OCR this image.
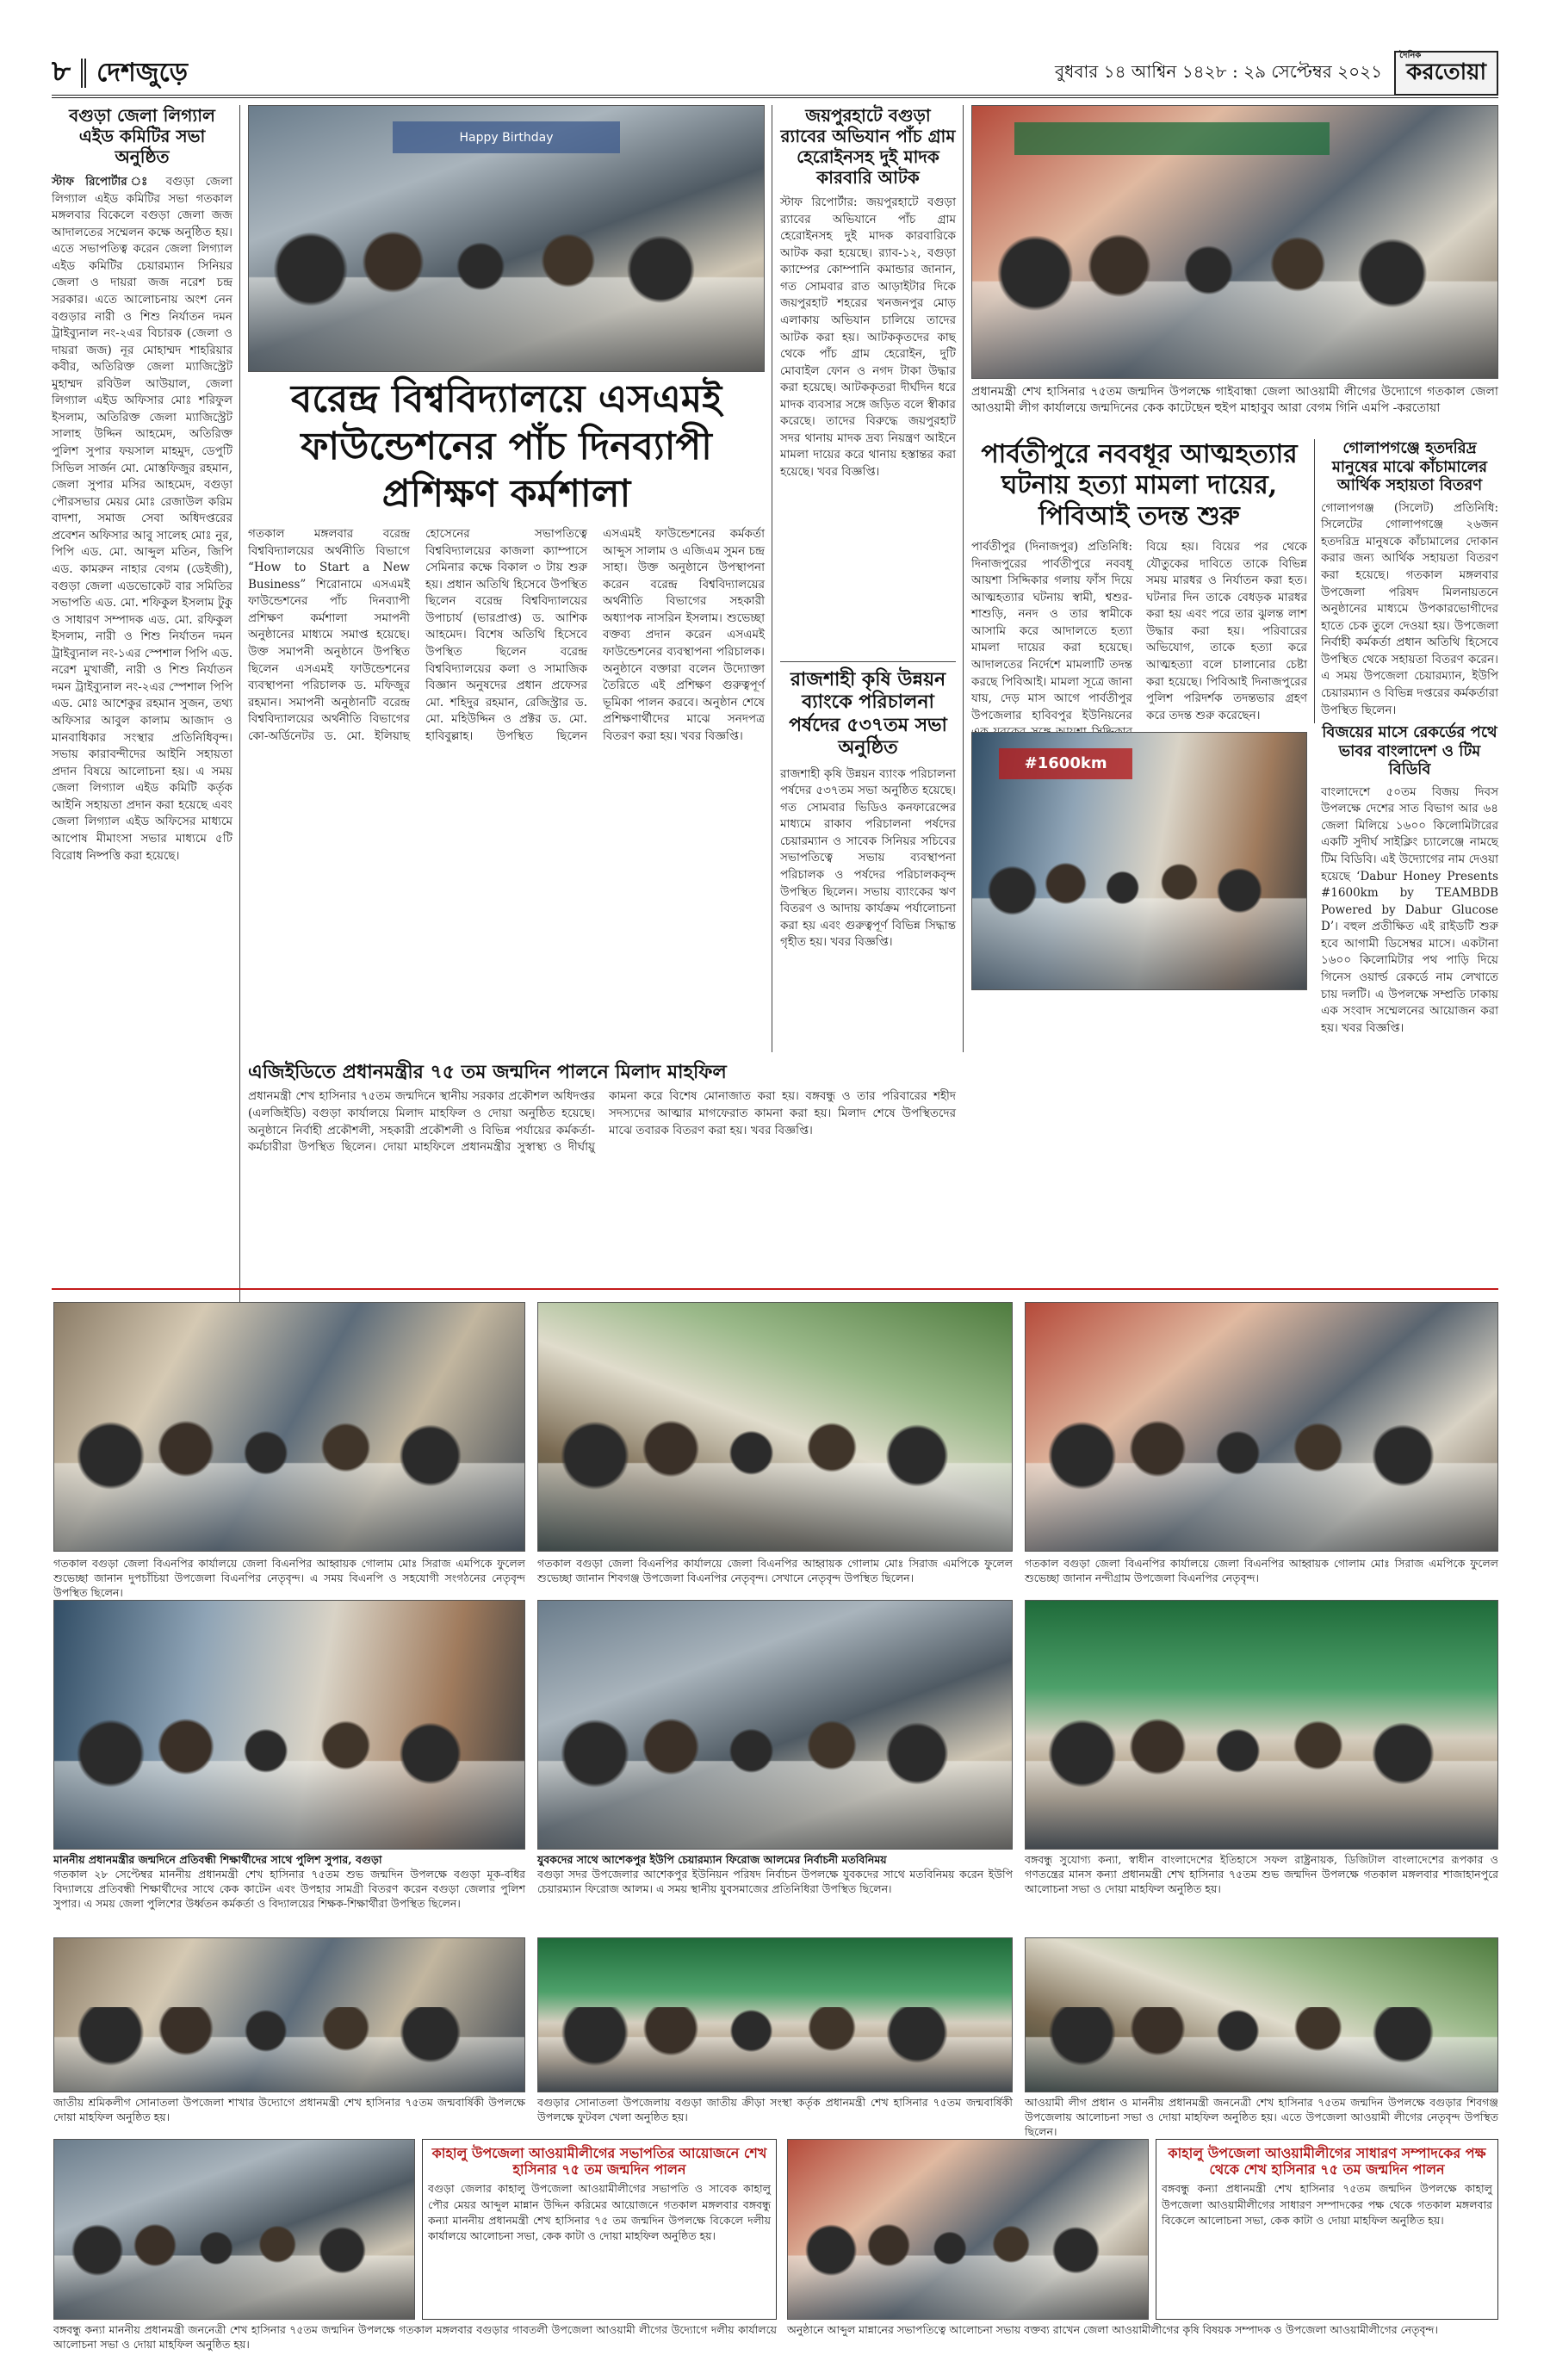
৮ দেশজুড়ে	বুধবার ১৪ আশ্বিন ১৪২৮ : ২৯ সেপ্টেম্বর ২০২১
দৈনিক
করতোয়া
বগুড়া জেলা লিগ্যাল এইড কমিটির সভা অনুষ্ঠিত
স্টাফ রিপোর্টার ঃ বগুড়া জেলা লিগ্যাল এইড কমিটির সভা গতকাল মঙ্গলবার বিকেলে বগুড়া জেলা জজ আদালতের সম্মেলন কক্ষে অনুষ্ঠিত হয়। এতে সভাপতিত্ব করেন জেলা লিগ্যাল এইড কমিটির চেয়ারম্যান সিনিয়র জেলা ও দায়রা জজ নরেশ চন্দ্র সরকার। এতে আলোচনায় অংশ নেন বগুড়ার নারী ও শিশু নির্যাতন দমন ট্রাইব্যুনাল নং-২এর বিচারক (জেলা ও দায়রা জজ) নূর মোহাম্মদ শাহরিয়ার কবীর, অতিরিক্ত জেলা ম্যাজিস্ট্রেট মুহাম্মদ রবিউল আউয়াল, জেলা লিগ্যাল এইড অফিসার মোঃ শরিফুল ইসলাম, অতিরিক্ত জেলা ম্যাজিস্ট্রেট সালাহ উদ্দিন আহমেদ, অতিরিক্ত পুলিশ সুপার ফয়সাল মাহমুদ, ডেপুটি সিভিল সার্জন মো. মোস্তফিজুর রহমান, জেলা সুপার মসির আহমেদ, বগুড়া পৌরসভার মেয়র মোঃ রেজাউল করিম বাদশা, সমাজ সেবা অধিদপ্তরের প্রবেশন অফিসার আবু সালেহ মোঃ নুর, পিপি এড. মো. আব্দুল মতিন, জিপি এড. কামরুন নাহার বেগম (ডেইজী), বগুড়া জেলা এডভোকেট বার সমিতির সভাপতি এড. মো. শফিকুল ইসলাম টুকু ও সাধারণ সম্পাদক এড. মো. রফিকুল ইসলাম, নারী ও শিশু নির্যাতন দমন ট্রাইব্যুনাল নং-১এর স্পেশাল পিপি এড. নরেশ মুখার্জী, নারী ও শিশু নির্যাতন দমন ট্রাইব্যুনাল নং-২এর স্পেশাল পিপি এড. মোঃ আশেকুর রহমান সুজন, তথ্য অফিসার আবুল কালাম আজাদ ও মানবাধিকার সংস্থার প্রতিনিধিবৃন্দ। সভায় কারাবন্দীদের আইনি সহায়তা প্রদান বিষয়ে আলোচনা হয়। এ সময় জেলা লিগ্যাল এইড কমিটি কর্তৃক আইনি সহায়তা প্রদান করা হয়েছে এবং জেলা লিগ্যাল এইড অফিসের মাধ্যমে আপোষ মীমাংসা সভার মাধ্যমে ৫টি বিরোধ নিষ্পত্তি করা হয়েছে।
Happy Birthday
বরেন্দ্র বিশ্ববিদ্যালয়ে এসএমই ফাউন্ডেশনের পাঁচ দিনব্যাপী প্রশিক্ষণ কর্মশালা
গতকাল মঙ্গলবার বরেন্দ্র বিশ্ববিদ্যালয়ের অর্থনীতি বিভাগে “How to Start a New Business” শিরোনামে এসএমই ফাউন্ডেশনের পাঁচ দিনব্যাপী প্রশিক্ষণ কর্মশালা সমাপনী অনুষ্ঠানের মাধ্যমে সমাপ্ত হয়েছে। উক্ত সমাপনী অনুষ্ঠানে উপস্থিত ছিলেন এসএমই ফাউন্ডেশনের ব্যবস্থাপনা পরিচালক ড. মফিজুর রহমান। সমাপনী অনুষ্ঠানটি বরেন্দ্র বিশ্ববিদ্যালয়ের অর্থনীতি বিভাগের কো-অর্ডিনেটর ড. মো. ইলিয়াছ হোসেনের সভাপতিত্বে বিশ্ববিদ্যালয়ের কাজলা ক্যাম্পাসে সেমিনার কক্ষে বিকাল ৩ টায় শুরু হয়। প্রধান অতিথি হিসেবে উপস্থিত ছিলেন বরেন্দ্র বিশ্ববিদ্যালয়ের উপাচার্য (ভারপ্রাপ্ত) ড. আশিক আহমেদ। বিশেষ অতিথি হিসেবে উপস্থিত ছিলেন বরেন্দ্র বিশ্ববিদ্যালয়ের কলা ও সামাজিক বিজ্ঞান অনুষদের প্রধান প্রফেসর মো. শহিদুর রহমান, রেজিস্ট্রার ড. মো. মহিউদ্দিন ও প্রক্টর ড. মো. হাবিবুল্লাহ। উপস্থিত ছিলেন এসএমই ফাউন্ডেশনের কর্মকর্তা আব্দুস সালাম ও এজিএম সুমন চন্দ্র সাহা। উক্ত অনুষ্ঠানে উপস্থাপনা করেন বরেন্দ্র বিশ্ববিদ্যালয়ের অর্থনীতি বিভাগের সহকারী অধ্যাপক নাসরিন ইসলাম। শুভেচ্ছা বক্তব্য প্রদান করেন এসএমই ফাউন্ডেশনের ব্যবস্থাপনা পরিচালক। অনুষ্ঠানে বক্তারা বলেন উদ্যোক্তা তৈরিতে এই প্রশিক্ষণ গুরুত্বপূর্ণ ভূমিকা পালন করবে। অনুষ্ঠান শেষে প্রশিক্ষণার্থীদের মাঝে সনদপত্র বিতরণ করা হয়। খবর বিজ্ঞপ্তি।
জয়পুরহাটে বগুড়া র‌্যাবের অভিযান পাঁচ গ্রাম হেরোইনসহ দুই মাদক কারবারি আটক
স্টাফ রিপোর্টার: জয়পুরহাটে বগুড়া র‌্যাবের অভিযানে পাঁচ গ্রাম হেরোইনসহ দুই মাদক কারবারিকে আটক করা হয়েছে। র‌্যাব-১২, বগুড়া ক্যাম্পের কোম্পানি কমান্ডার জানান, গত সোমবার রাত আড়াইটার দিকে জয়পুরহাট শহরের খনজনপুর মোড় এলাকায় অভিযান চালিয়ে তাদের আটক করা হয়। আটককৃতদের কাছ থেকে পাঁচ গ্রাম হেরোইন, দুটি মোবাইল ফোন ও নগদ টাকা উদ্ধার করা হয়েছে। আটককৃতরা দীর্ঘদিন ধরে মাদক ব্যবসার সঙ্গে জড়িত বলে স্বীকার করেছে। তাদের বিরুদ্ধে জয়পুরহাট সদর থানায় মাদক দ্রব্য নিয়ন্ত্রণ আইনে মামলা দায়ের করে থানায় হস্তান্তর করা হয়েছে। খবর বিজ্ঞপ্তি।
রাজশাহী কৃষি উন্নয়ন ব্যাংকে পরিচালনা পর্ষদের ৫৩৭তম সভা অনুষ্ঠিত
রাজশাহী কৃষি উন্নয়ন ব্যাংক পরিচালনা পর্ষদের ৫৩৭তম সভা অনুষ্ঠিত হয়েছে। গত সোমবার ভিডিও কনফারেন্সের মাধ্যমে রাকাব পরিচালনা পর্ষদের চেয়ারম্যান ও সাবেক সিনিয়র সচিবের সভাপতিত্বে সভায় ব্যবস্থাপনা পরিচালক ও পর্ষদের পরিচালকবৃন্দ উপস্থিত ছিলেন। সভায় ব্যাংকের ঋণ বিতরণ ও আদায় কার্যক্রম পর্যালোচনা করা হয় এবং গুরুত্বপূর্ণ বিভিন্ন সিদ্ধান্ত গৃহীত হয়। খবর বিজ্ঞপ্তি।
প্রধানমন্ত্রী শেখ হাসিনার ৭৫তম জন্মদিন উপলক্ষে গাইবান্ধা জেলা আওয়ামী লীগের উদ্যোগে গতকাল জেলা আওয়ামী লীগ কার্যালয়ে জন্মদিনের কেক কাটেছেন হুইপ মাহাবুব আরা বেগম গিনি এমপি -করতোয়া
পার্বতীপুরে নববধূর আত্মহত্যার ঘটনায় হত্যা মামলা দায়ের, পিবিআই তদন্ত শুরু
পার্বতীপুর (দিনাজপুর) প্রতিনিধি: দিনাজপুরের পার্বতীপুরে নববধূ আয়শা সিদ্দিকার গলায় ফাঁস দিয়ে আত্মহত্যার ঘটনায় স্বামী, শ্বশুর-শাশুড়ি, ননদ ও তার স্বামীকে আসামি করে আদালতে হত্যা মামলা দায়ের করা হয়েছে। আদালতের নির্দেশে মামলাটি তদন্ত করছে পিবিআই। মামলা সূত্রে জানা যায়, দেড় মাস আগে পার্বতীপুর উপজেলার হাবিবপুর ইউনিয়নের বিয়ে হয়। বিয়ের পর থেকে যৌতুকের দাবিতে তাকে বিভিন্ন সময় মারধর ও নির্যাতন করা হত। ঘটনার দিন তাকে বেধড়ক মারধর করা হয় এবং পরে তার ঝুলন্ত লাশ উদ্ধার করা হয়। পরিবারের অভিযোগ, তাকে হত্যা করে আত্মহত্যা বলে চালানোর চেষ্টা করা হয়েছে। পিবিআই দিনাজপুরের পুলিশ পরিদর্শক তদন্তভার গ্রহণ করে তদন্ত শুরু করেছেন।
গোলাপগঞ্জে হতদরিদ্র মানুষের মাঝে কাঁচামালের আর্থিক সহায়তা বিতরণ
গোলাপগঞ্জ (সিলেট) প্রতিনিধি: সিলেটের গোলাপগঞ্জে ২৬জন হতদরিদ্র মানুষকে কাঁচামালের দোকান করার জন্য আর্থিক সহায়তা বিতরণ করা হয়েছে। গতকাল মঙ্গলবার উপজেলা পরিষদ মিলনায়তনে অনুষ্ঠানের মাধ্যমে উপকারভোগীদের হাতে চেক তুলে দেওয়া হয়। উপজেলা নির্বাহী কর্মকর্তা প্রধান অতিথি হিসেবে উপস্থিত থেকে সহায়তা বিতরণ করেন। এ সময় উপজেলা চেয়ারম্যান, ইউপি চেয়ারম্যান ও বিভিন্ন দপ্তরের কর্মকর্তারা উপস্থিত ছিলেন।
#1600km
বিজয়ের মাসে রেকর্ডের পথে ভাবর বাংলাদেশ ও টিম বিডিবি
বাংলাদেশে ৫০তম বিজয় দিবস উপলক্ষে দেশের সাত বিভাগ আর ৬৪ জেলা মিলিয়ে ১৬০০ কিলোমিটারের একটি সুদীর্ঘ সাইক্লিং চ্যালেঞ্জে নামছে টিম বিডিবি। এই উদ্যোগের নাম দেওয়া হয়েছে ‘Dabur Honey Presents #1600km by TEAMBDB Powered by Dabur Glucose D’। বহুল প্রতীক্ষিত এই রাইডটি শুরু হবে আগামী ডিসেম্বর মাসে। একটানা ১৬০০ কিলোমিটার পথ পাড়ি দিয়ে গিনেস ওয়ার্ল্ড রেকর্ডে নাম লেখাতে চায় দলটি। এ উপলক্ষে সম্প্রতি ঢাকায় এক সংবাদ সম্মেলনের আয়োজন করা হয়। খবর বিজ্ঞপ্তি।
এজিইডিতে প্রধানমন্ত্রীর ৭৫ তম জন্মদিন পালনে মিলাদ মাহফিল
প্রধানমন্ত্রী শেখ হাসিনার ৭৫তম জন্মদিনে স্থানীয় সরকার প্রকৌশল অধিদপ্তর (এলজিইডি) বগুড়া কার্যালয়ে মিলাদ মাহফিল ও দোয়া অনুষ্ঠিত হয়েছে। অনুষ্ঠানে নির্বাহী প্রকৌশলী, সহকারী প্রকৌশলী ও বিভিন্ন পর্যায়ের কর্মকর্তা-কর্মচারীরা উপস্থিত ছিলেন। দোয়া মাহফিলে প্রধানমন্ত্রীর সুস্বাস্থ্য ও দীর্ঘায়ু কামনা করে বিশেষ মোনাজাত করা হয়। বঙ্গবন্ধু ও তার পরিবারের শহীদ সদস্যদের আত্মার মাগফেরাত কামনা করা হয়। মিলাদ শেষে উপস্থিতদের মাঝে তবারক বিতরণ করা হয়। খবর বিজ্ঞপ্তি।
গতকাল বগুড়া জেলা বিএনপির কার্যালয়ে জেলা বিএনপির আহ্বায়ক গোলাম মোঃ সিরাজ এমপিকে ফুলেল শুভেচ্ছা জানান দুপচাঁচিয়া উপজেলা বিএনপির নেতৃবৃন্দ। এ সময় বিএনপি ও সহযোগী সংগঠনের নেতৃবৃন্দ উপস্থিত ছিলেন।
গতকাল বগুড়া জেলা বিএনপির কার্যালয়ে জেলা বিএনপির আহ্বায়ক গোলাম মোঃ সিরাজ এমপিকে ফুলেল শুভেচ্ছা জানান শিবগঞ্জ উপজেলা বিএনপির নেতৃবৃন্দ। সেখানে নেতৃবৃন্দ উপস্থিত ছিলেন।
গতকাল বগুড়া জেলা বিএনপির কার্যালয়ে জেলা বিএনপির আহ্বায়ক গোলাম মোঃ সিরাজ এমপিকে ফুলেল শুভেচ্ছা জানান নন্দীগ্রাম উপজেলা বিএনপির নেতৃবৃন্দ।
মাননীয় প্রধানমন্ত্রীর জন্মদিনে প্রতিবন্ধী শিক্ষার্থীদের সাথে পুলিশ সুপার, বগুড়া
গতকাল ২৮ সেপ্টেম্বর মাননীয় প্রধানমন্ত্রী শেখ হাসিনার ৭৫তম শুভ জন্মদিন উপলক্ষে বগুড়া মূক-বধির বিদ্যালয়ে প্রতিবন্ধী শিক্ষার্থীদের সাথে কেক কাটেন এবং উপহার সামগ্রী বিতরণ করেন বগুড়া জেলার পুলিশ সুপার। এ সময় জেলা পুলিশের উর্ধ্বতন কর্মকর্তা ও বিদ্যালয়ের শিক্ষক-শিক্ষার্থীরা উপস্থিত ছিলেন।
যুবকদের সাথে আশেকপুর ইউপি চেয়ারম্যান ফিরোজ আলমের নির্বাচনী মতবিনিময়
বগুড়া সদর উপজেলার আশেকপুর ইউনিয়ন পরিষদ নির্বাচন উপলক্ষে যুবকদের সাথে মতবিনিময় করেন ইউপি চেয়ারম্যান ফিরোজ আলম। এ সময় স্থানীয় যুবসমাজের প্রতিনিধিরা উপস্থিত ছিলেন।
বঙ্গবন্ধু সুযোগ্য কন্যা, স্বাধীন বাংলাদেশের ইতিহাসে সফল রাষ্ট্রনায়ক, ডিজিটাল বাংলাদেশের রূপকার ও গণতন্ত্রের মানস কন্যা প্রধানমন্ত্রী শেখ হাসিনার ৭৫তম শুভ জন্মদিন উপলক্ষে গতকাল মঙ্গলবার শাজাহানপুরে আলোচনা সভা ও দোয়া মাহফিল অনুষ্ঠিত হয়।
জাতীয় শ্রমিকলীগ সোনাতলা উপজেলা শাখার উদ্যোগে প্রধানমন্ত্রী শেখ হাসিনার ৭৫তম জন্মবার্ষিকী উপলক্ষে দোয়া মাহফিল অনুষ্ঠিত হয়।
বগুড়ার সোনাতলা উপজেলায় বগুড়া জাতীয় ক্রীড়া সংস্থা কর্তৃক প্রধানমন্ত্রী শেখ হাসিনার ৭৫তম জন্মবার্ষিকী উপলক্ষে ফুটবল খেলা অনুষ্ঠিত হয়।
আওয়ামী লীগ প্রধান ও মাননীয় প্রধানমন্ত্রী জননেত্রী শেখ হাসিনার ৭৫তম জন্মদিন উপলক্ষে বগুড়ার শিবগঞ্জ উপজেলায় আলোচনা সভা ও দোয়া মাহফিল অনুষ্ঠিত হয়। এতে উপজেলা আওয়ামী লীগের নেতৃবৃন্দ উপস্থিত ছিলেন।
বঙ্গবন্ধু কন্যা মাননীয় প্রধানমন্ত্রী জননেত্রী শেখ হাসিনার ৭৫তম জন্মদিন উপলক্ষে গতকাল মঙ্গলবার বগুড়ার গাবতলী উপজেলা আওয়ামী লীগের উদ্যোগে দলীয় কার্যালয়ে আলোচনা সভা ও দোয়া মাহফিল অনুষ্ঠিত হয়।
কাহালু উপজেলা আওয়ামীলীগের সভাপতির আয়োজনে শেখ হাসিনার ৭৫ তম জন্মদিন পালন
বগুড়া জেলার কাহালু উপজেলা আওয়ামীলীগের সভাপতি ও সাবেক কাহালু পৌর মেয়র আব্দুল মান্নান উদ্দিন করিমের আয়োজনে গতকাল মঙ্গলবার বঙ্গবন্ধু কন্যা মাননীয় প্রধানমন্ত্রী শেখ হাসিনার ৭৫ তম জন্মদিন উপলক্ষে বিকেলে দলীয় কার্যালয়ে আলোচনা সভা, কেক কাটা ও দোয়া মাহফিল অনুষ্ঠিত হয়।
অনুষ্ঠানে আব্দুল মান্নানের সভাপতিত্বে আলোচনা সভায় বক্তব্য রাখেন জেলা আওয়ামীলীগের কৃষি বিষয়ক সম্পাদক ও উপজেলা আওয়ামীলীগের নেতৃবৃন্দ।
কাহালু উপজেলা আওয়ামীলীগের সাধারণ সম্পাদকের পক্ষ থেকে শেখ হাসিনার ৭৫ তম জন্মদিন পালন
বঙ্গবন্ধু কন্যা প্রধানমন্ত্রী শেখ হাসিনার ৭৫তম জন্মদিন উপলক্ষে কাহালু উপজেলা আওয়ামীলীগের সাধারণ সম্পাদকের পক্ষ থেকে গতকাল মঙ্গলবার বিকেলে আলোচনা সভা, কেক কাটা ও দোয়া মাহফিল অনুষ্ঠিত হয়।
